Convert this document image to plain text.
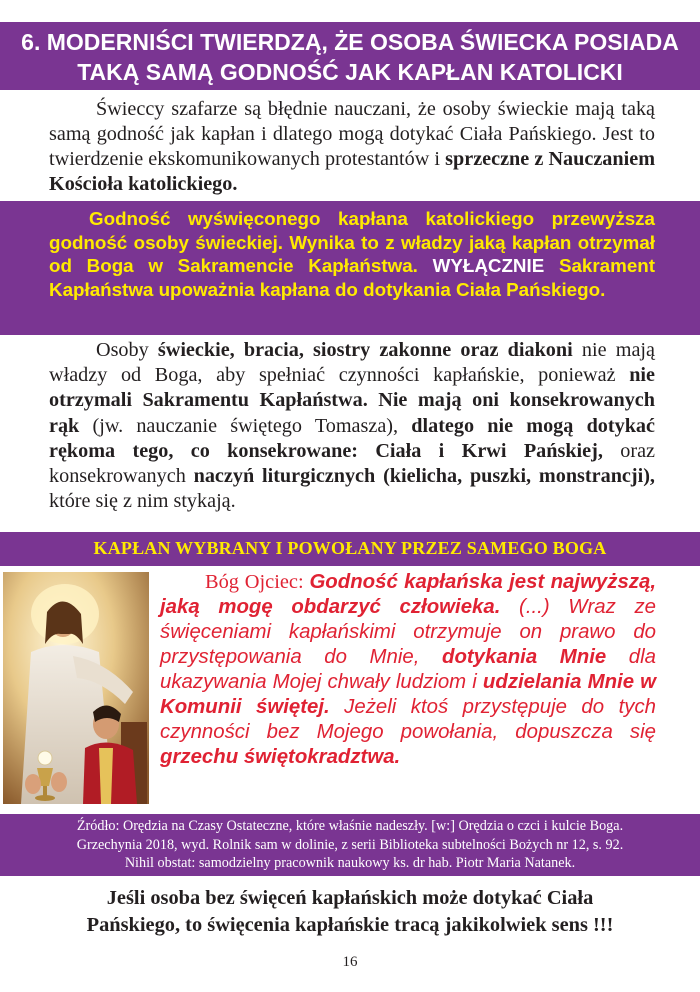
6. MODERNIŚCI TWIERDZĄ, ŻE OSOBA ŚWIECKA POSIADA
TAKĄ SAMĄ GODNOŚĆ JAK KAPŁAN KATOLICKI

Świeccy szafarze są błędnie nauczani, że osoby świeckie mają taką samą godność jak kapłan i dlatego mogą dotykać Ciała Pańskiego. Jest to twierdzenie ekskomunikowanych protestantów i sprzeczne z Nauczaniem Kościoła katolickiego.

Godność wyświęconego kapłana katolickiego przewyższa godność osoby świeckiej. Wynika to z władzy jaką kapłan otrzymał od Boga w Sakramencie Kapłaństwa. WYŁĄCZNIE Sakrament Kapłaństwa upoważnia kapłana do dotykania Ciała Pańskiego.

Osoby świeckie, bracia, siostry zakonne oraz diakoni nie mają władzy od Boga, aby spełniać czynności kapłańskie, ponieważ nie otrzymali Sakramentu Kapłaństwa. Nie mają oni konsekrowanych rąk (jw. nauczanie świętego Tomasza), dlatego nie mogą dotykać rękoma tego, co konsekrowane: Ciała i Krwi Pańskiej, oraz konsekrowanych naczyń liturgicznych (kielicha, puszki, monstrancji), które się z nim stykają.

KAPŁAN WYBRANY I POWOŁANY PRZEZ SAMEGO BOGA

Bóg Ojciec: Godność kapłańska jest najwyższą, jaką mogę obdarzyć człowieka. (...) Wraz ze święceniami kapłańskimi otrzymuje on prawo do przystępowania do Mnie, dotykania Mnie dla ukazywania Mojej chwały ludziom i udzielania Mnie w Komunii świętej. Jeżeli ktoś przystępuje do tych czynności bez Mojego powołania, dopuszcza się grzechu świętokradztwa.

Źródło: Orędzia na Czasy Ostateczne, które właśnie nadeszły. [w:] Orędzia o czci i kulcie Boga.
Grzechynia 2018, wyd. Rolnik sam w dolinie, z serii Biblioteka subtelności Bożych nr 12, s. 92.
Nihil obstat: samodzielny pracownik naukowy ks. dr hab. Piotr Maria Natanek.
Jeśli osoba bez święceń kapłańskich może dotykać Ciała
Pańskiego, to święcenia kapłańskie tracą jakikolwiek sens !!!
16
